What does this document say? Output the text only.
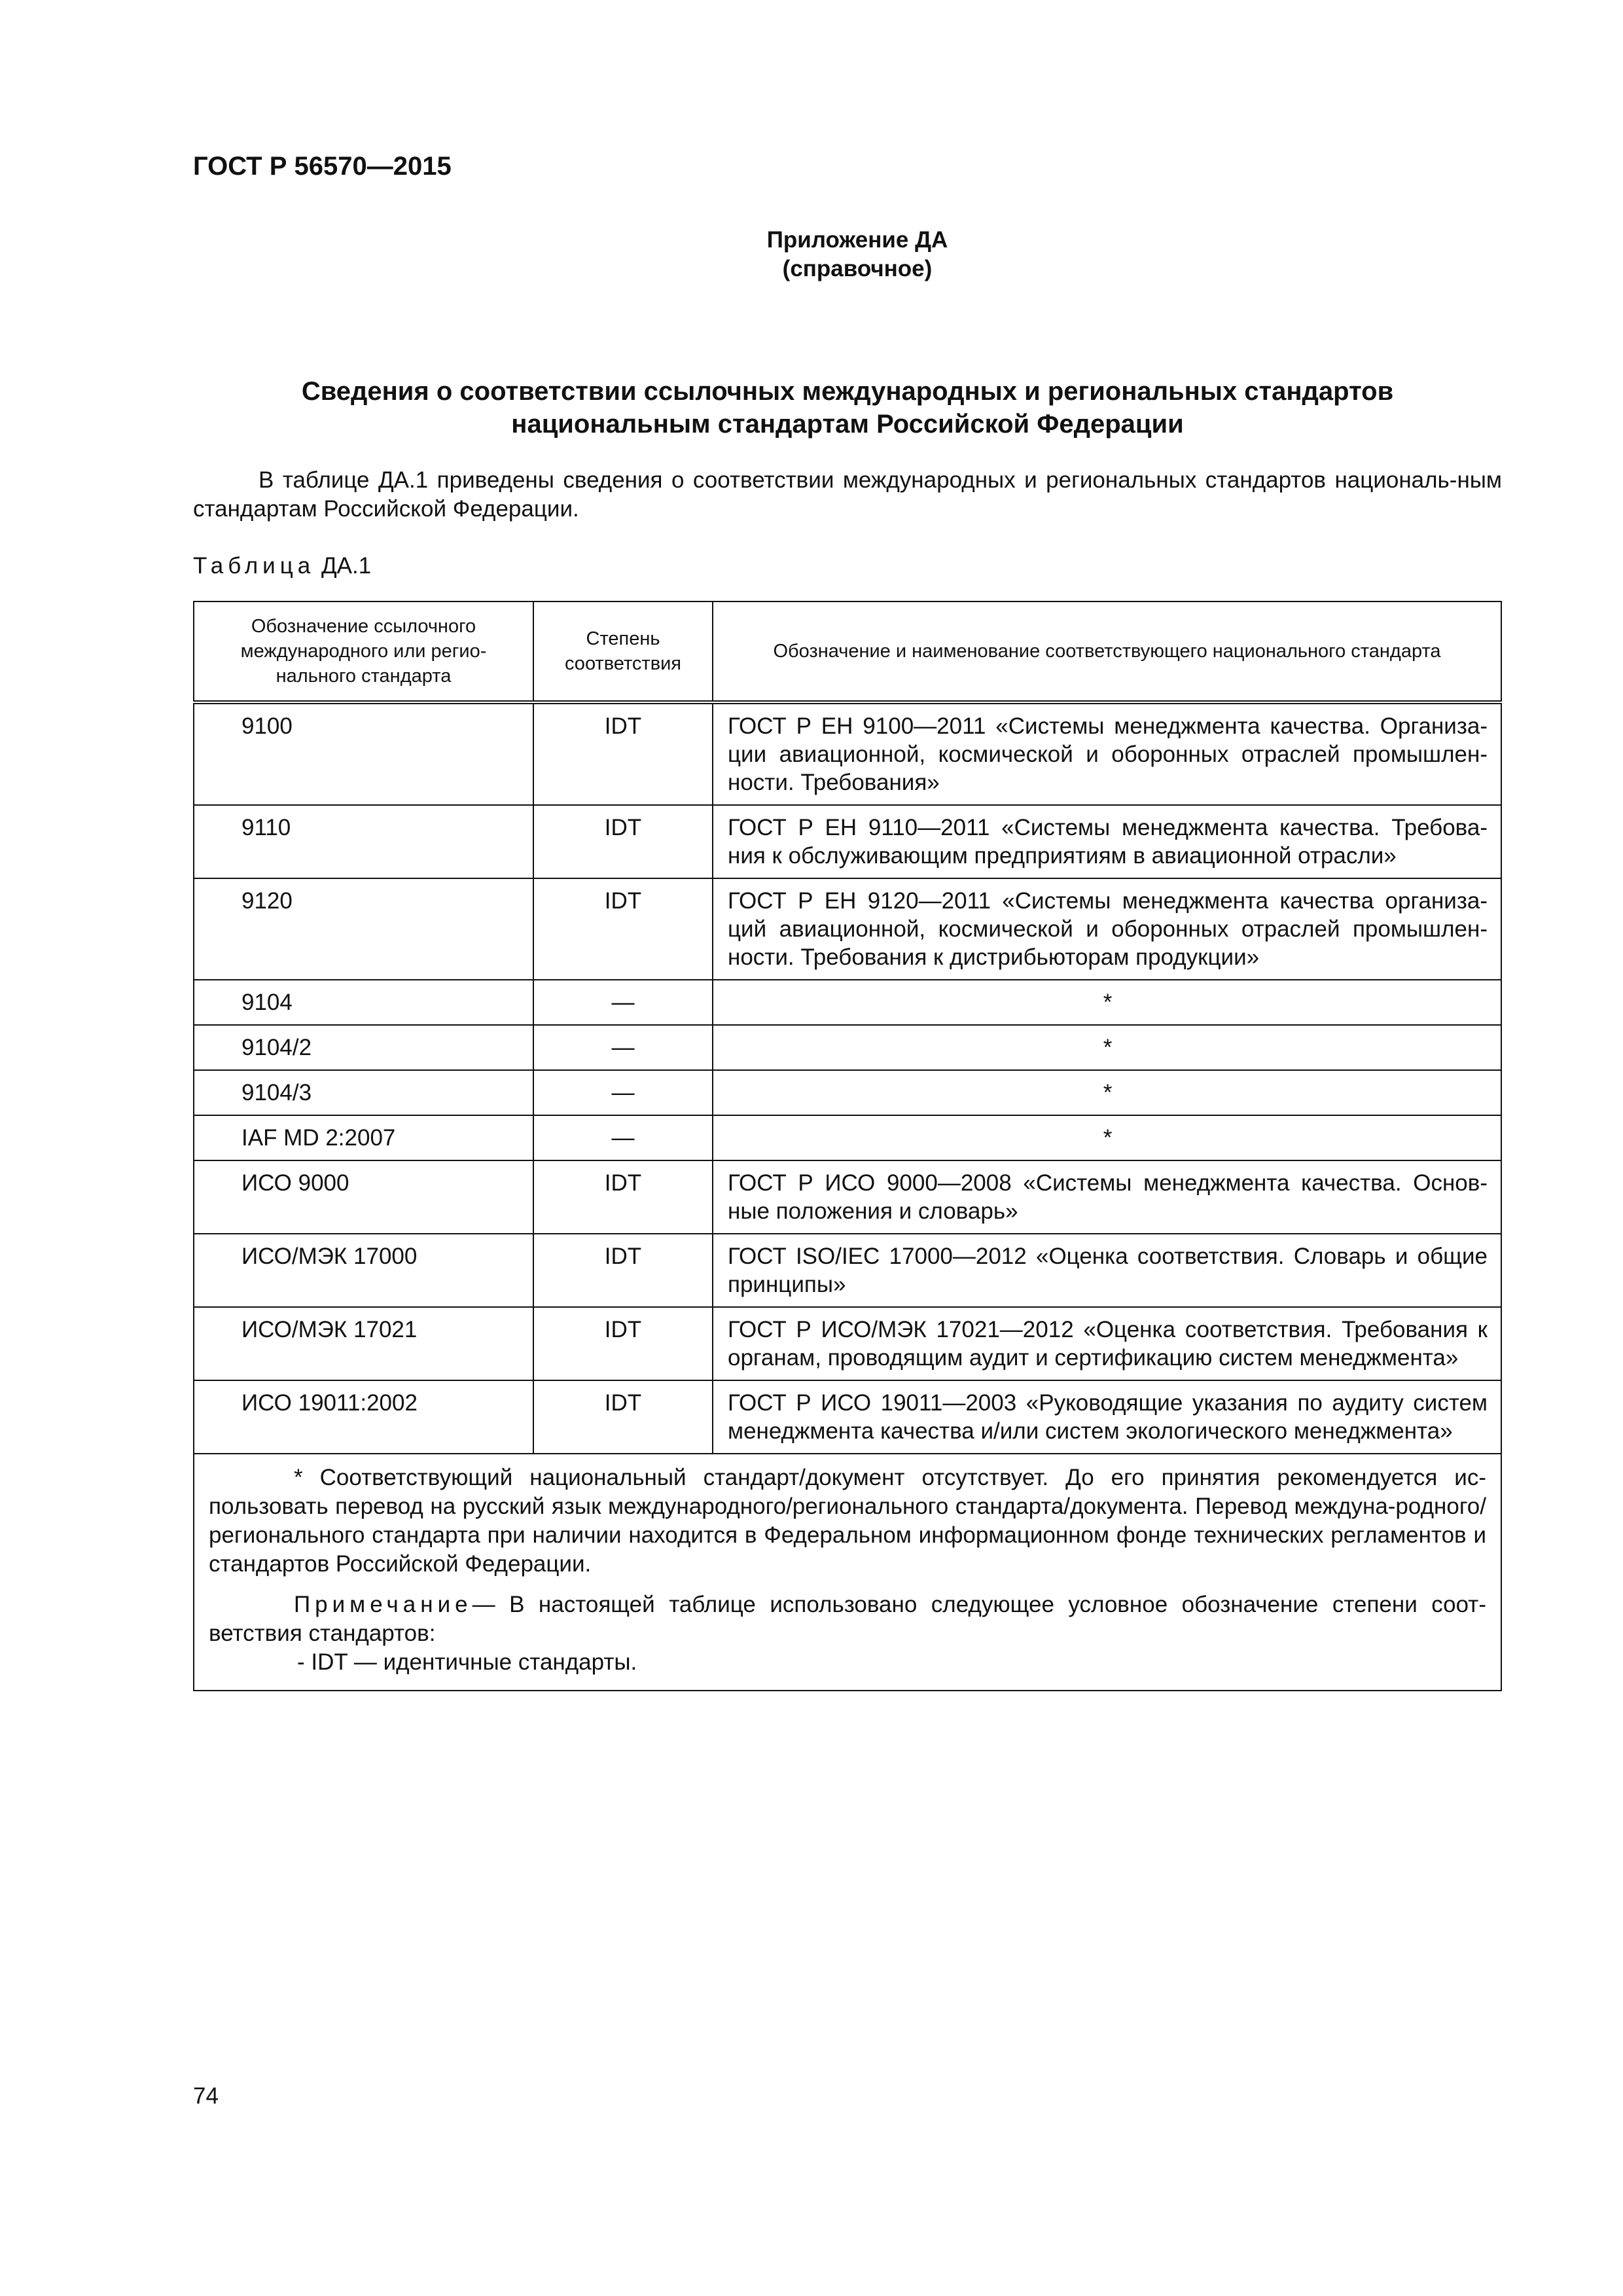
ГОСТ Р 56570—2015
Приложение ДА
(справочное)
Сведения о соответствии ссылочных международных и региональных стандартов
национальным стандартам Российской Федерации
В таблице ДА.1 приведены сведения о соответствии международных и региональных стандартов националь-ным стандартам Российской Федерации.
Таблица ДА.1
Обозначение ссылочного международного или регио-нального стандарта	Степень соответствия	Обозначение и наименование соответствующего национального стандарта
9100	IDT	ГОСТ Р ЕН 9100—2011 «Системы менеджмента качества. Организа-ции авиационной, космической и оборонных отраслей промышлен-ности. Требования»
9110	IDT	ГОСТ Р ЕН 9110—2011 «Системы менеджмента качества. Требова-ния к обслуживающим предприятиям в авиационной отрасли»
9120	IDT	ГОСТ Р ЕН 9120—2011 «Системы менеджмента качества организа-ций авиационной, космической и оборонных отраслей промышлен-ности. Требования к дистрибьюторам продукции»
9104	—	*
9104/2	—	*
9104/3	—	*
IAF MD 2:2007	—	*
ИСО 9000	IDT	ГОСТ Р ИСО 9000—2008 «Системы менеджмента качества. Основ-ные положения и словарь»
ИСО/МЭК 17000	IDT	ГОСТ ISO/IEC 17000—2012 «Оценка соответствия. Словарь и общие принципы»
ИСО/МЭК 17021	IDT	ГОСТ Р ИСО/МЭК 17021—2012 «Оценка соответствия. Требования к органам, проводящим аудит и сертификацию систем менеджмента»
ИСО 19011:2002	IDT	ГОСТ Р ИСО 19011—2003 «Руководящие указания по аудиту систем менеджмента качества и/или систем экологического менеджмента»

* Соответствующий национальный стандарт/документ отсутствует. До его принятия рекомендуется ис-пользовать перевод на русский язык международного/регионального стандарта/документа. Перевод междуна-родного/регионального стандарта при наличии находится в Федеральном информационном фонде технических регламентов и стандартов Российской Федерации.
Примечание— В настоящей таблице использовано следующее условное обозначение степени соот-ветствия стандартов:
- IDT — идентичные стандарты.		
74
